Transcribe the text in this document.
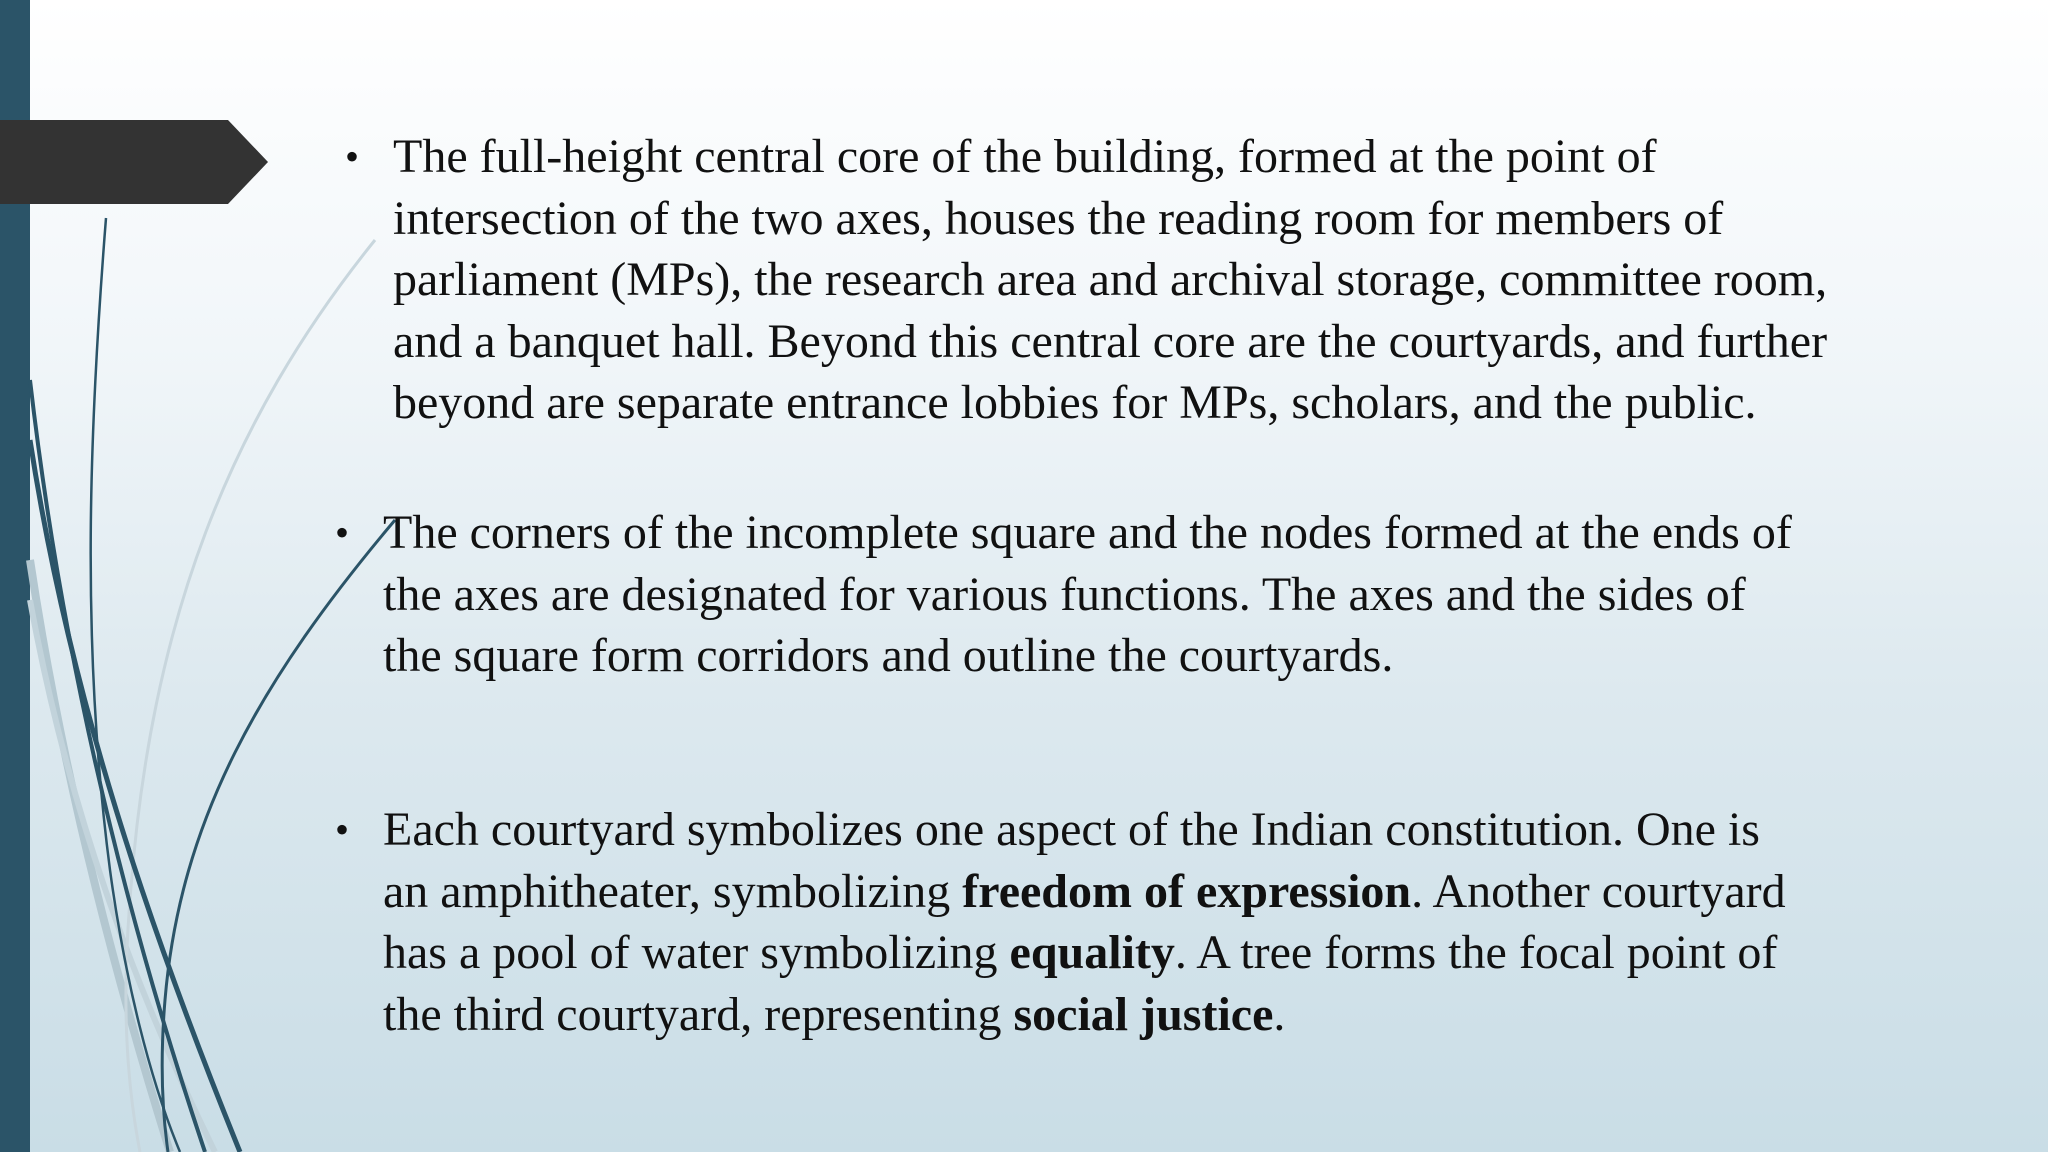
• The full-height central core of the building, formed at the point of
intersection of the two axes, houses the reading room for members of
parliament (MPs), the research area and archival storage, committee room,
and a banquet hall. Beyond this central core are the courtyards, and further
beyond are separate entrance lobbies for MPs, scholars, and the public.
• The corners of the incomplete square and the nodes formed at the ends of
the axes are designated for various functions. The axes and the sides of
the square form corridors and outline the courtyards.
• Each courtyard symbolizes one aspect of the Indian constitution. One is
an amphitheater, symbolizing freedom of expression. Another courtyard
has a pool of water symbolizing equality. A tree forms the focal point of
the third courtyard, representing social justice.
